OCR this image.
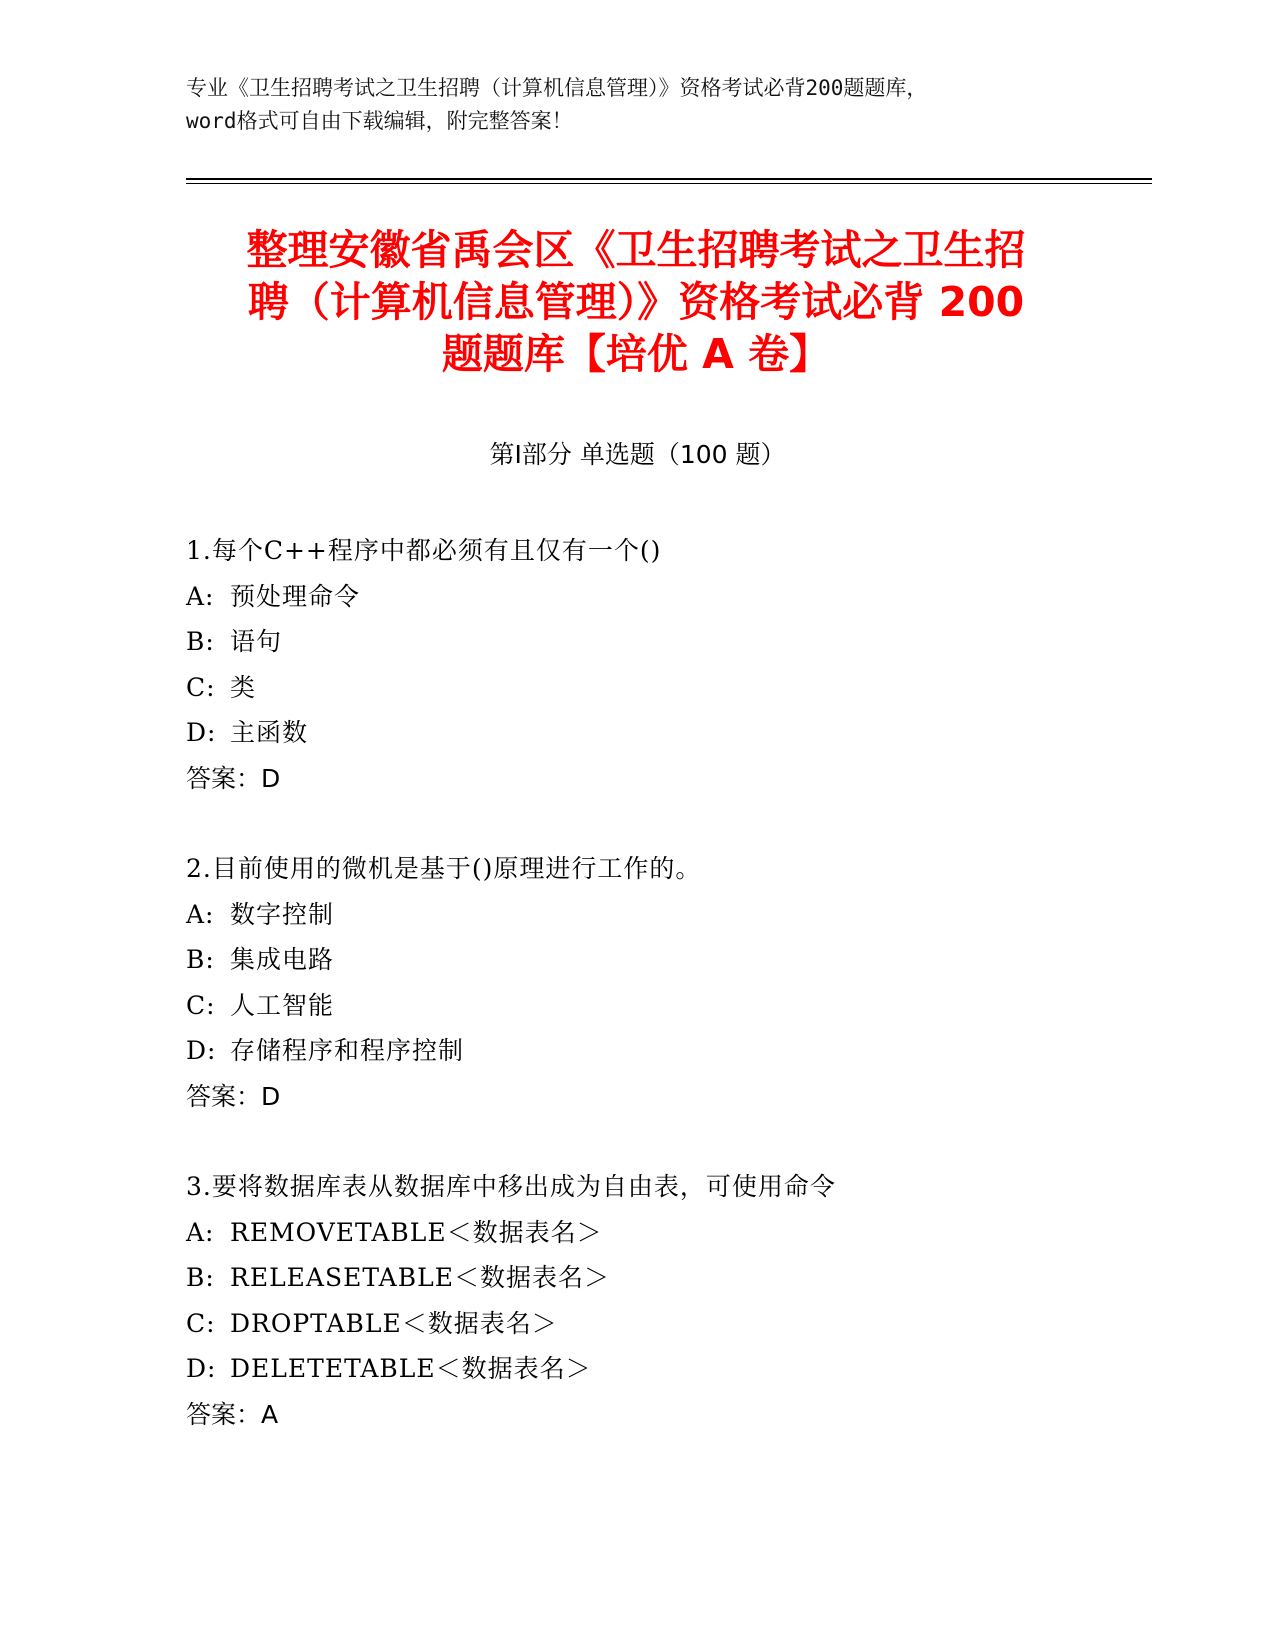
专业《卫生招聘考试之卫生招聘（计算机信息管理）》资格考试必背200题题库，
word格式可自由下载编辑，附完整答案！
整理安徽省禹会区《卫生招聘考试之卫生招
聘（计算机信息管理）》资格考试必背 200
题题库【培优 A 卷】
第Ⅰ部分 单选题（100 题）
1.每个C++程序中都必须有且仅有一个()
A: 预处理命令
B: 语句
C: 类
D: 主函数
答案：D
2.目前使用的微机是基于()原理进行工作的。
A: 数字控制
B: 集成电路
C: 人工智能
D: 存储程序和程序控制
答案：D
3.要将数据库表从数据库中移出成为自由表，可使用命令
A: REMOVETABLE＜数据表名＞
B: RELEASETABLE＜数据表名＞
C: DROPTABLE＜数据表名＞
D: DELETETABLE＜数据表名＞
答案：A
